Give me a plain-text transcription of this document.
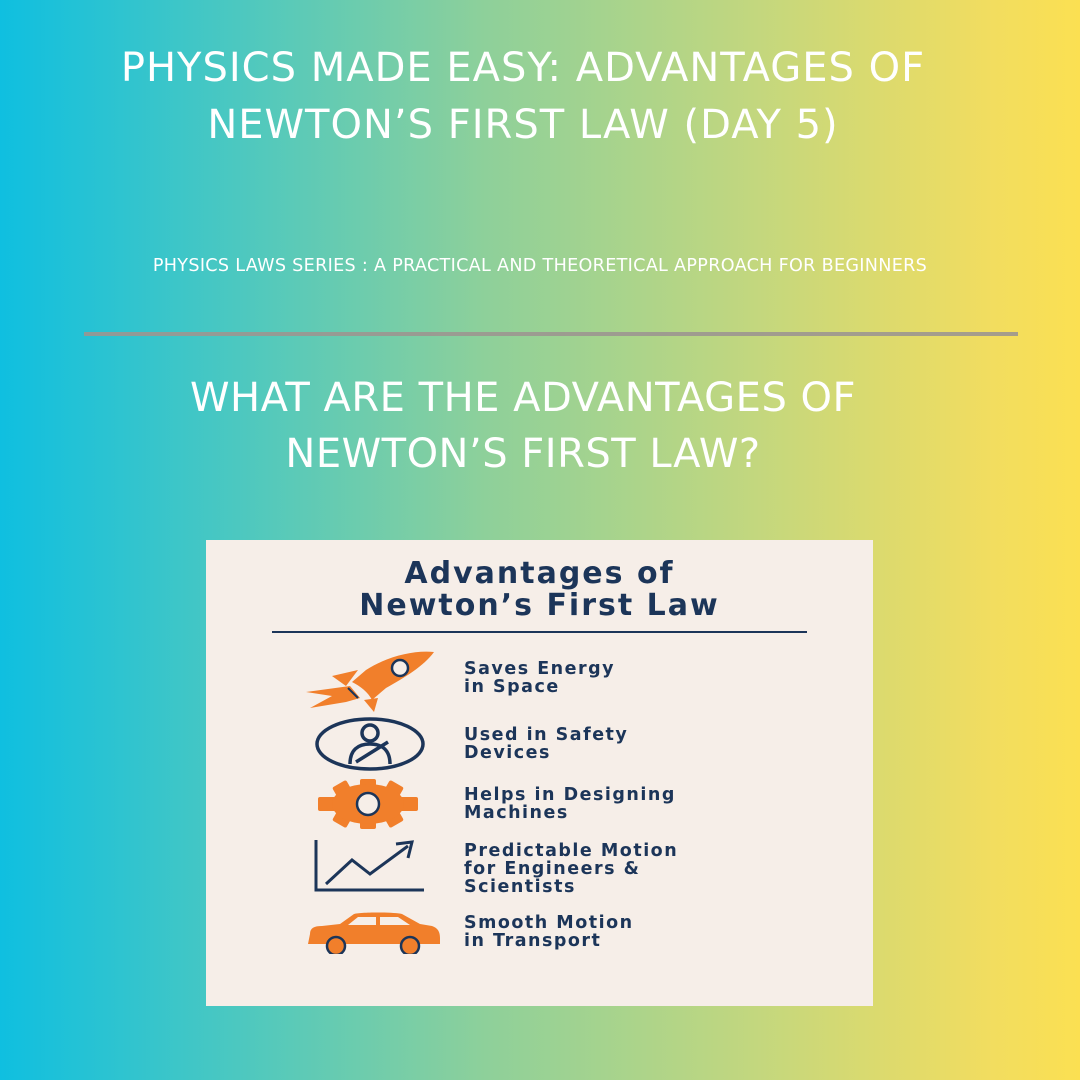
PHYSICS MADE EASY: ADVANTAGES OF
NEWTON’S FIRST LAW (DAY 5)
PHYSICS LAWS SERIES : A PRACTICAL AND THEORETICAL APPROACH FOR BEGINNERS
WHAT ARE THE ADVANTAGES OF
NEWTON’S FIRST LAW?
Advantages of
Newton’s First Law
Saves Energy
in Space
Used in Safety
Devices
Helps in Designing
Machines
Predictable Motion
for Engineers &
Scientists
Smooth Motion
in Transport
